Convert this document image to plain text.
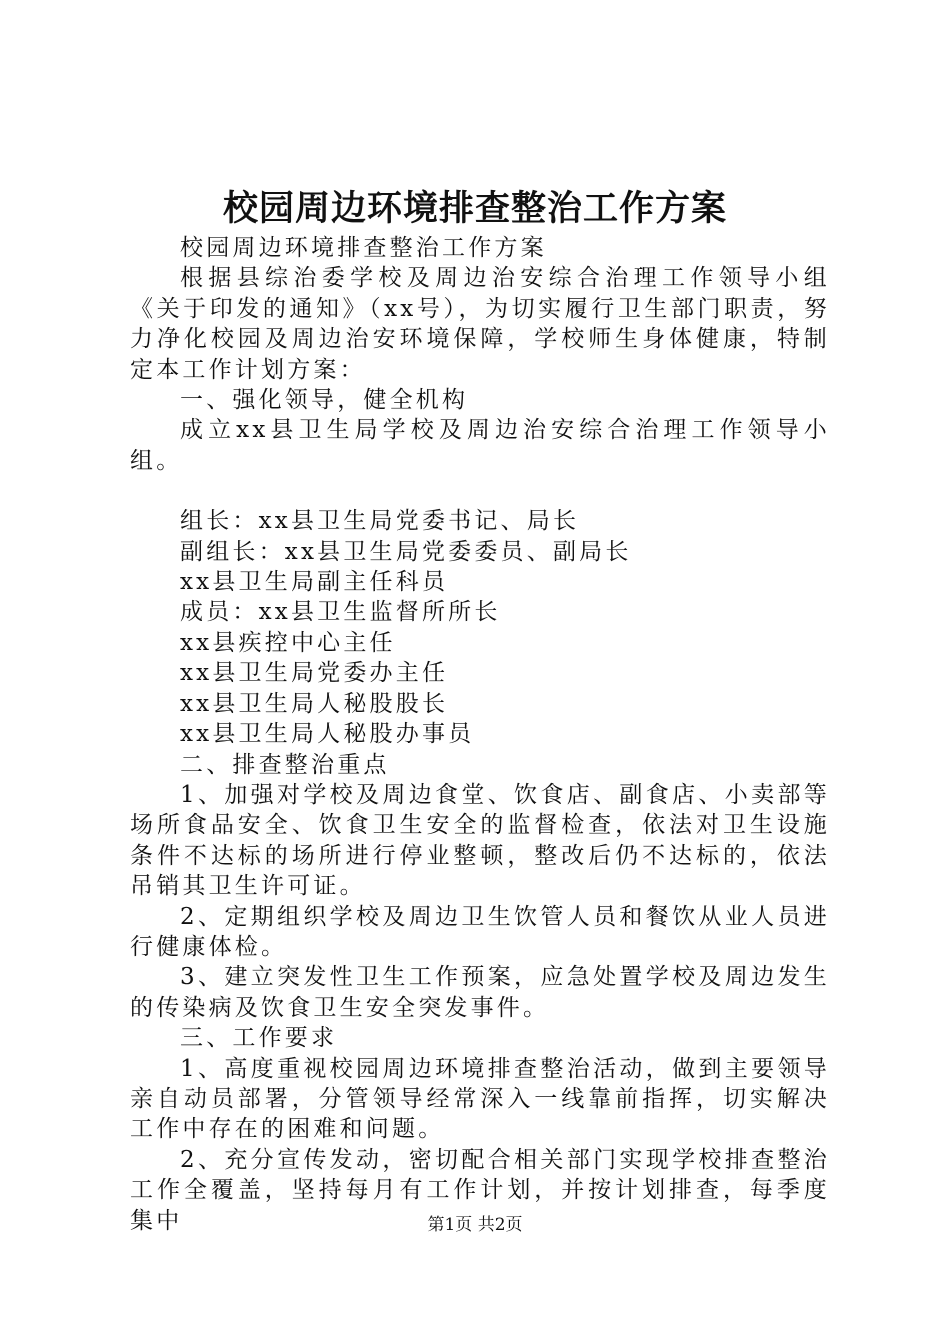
校园周边环境排查整治工作方案

校园周边环境排查整治工作方案

根据县综治委学校及周边治安综合治理工作领导小组《关于印发的通知》（xx号），为切实履行卫生部门职责，努力净化校园及周边治安环境保障，学校师生身体健康，特制定本工作计划方案：

一、强化领导，健全机构

成立xx县卫生局学校及周边治安综合治理工作领导小组。

组长：xx县卫生局党委书记、局长

副组长：xx县卫生局党委委员、副局长

xx县卫生局副主任科员

成员：xx县卫生监督所所长

xx县疾控中心主任

xx县卫生局党委办主任

xx县卫生局人秘股股长

xx县卫生局人秘股办事员

二、排查整治重点

1、加强对学校及周边食堂、饮食店、副食店、小卖部等场所食品安全、饮食卫生安全的监督检查，依法对卫生设施条件不达标的场所进行停业整顿，整改后仍不达标的，依法吊销其卫生许可证。

2、定期组织学校及周边卫生饮管人员和餐饮从业人员进行健康体检。

3、建立突发性卫生工作预案，应急处置学校及周边发生的传染病及饮食卫生安全突发事件。

三、工作要求

1、高度重视校园周边环境排查整治活动，做到主要领导亲自动员部署，分管领导经常深入一线靠前指挥，切实解决工作中存在的困难和问题。

2、充分宣传发动，密切配合相关部门实现学校排查整治工作全覆盖，坚持每月有工作计划，并按计划排查，每季度集中	第1页 共2页
